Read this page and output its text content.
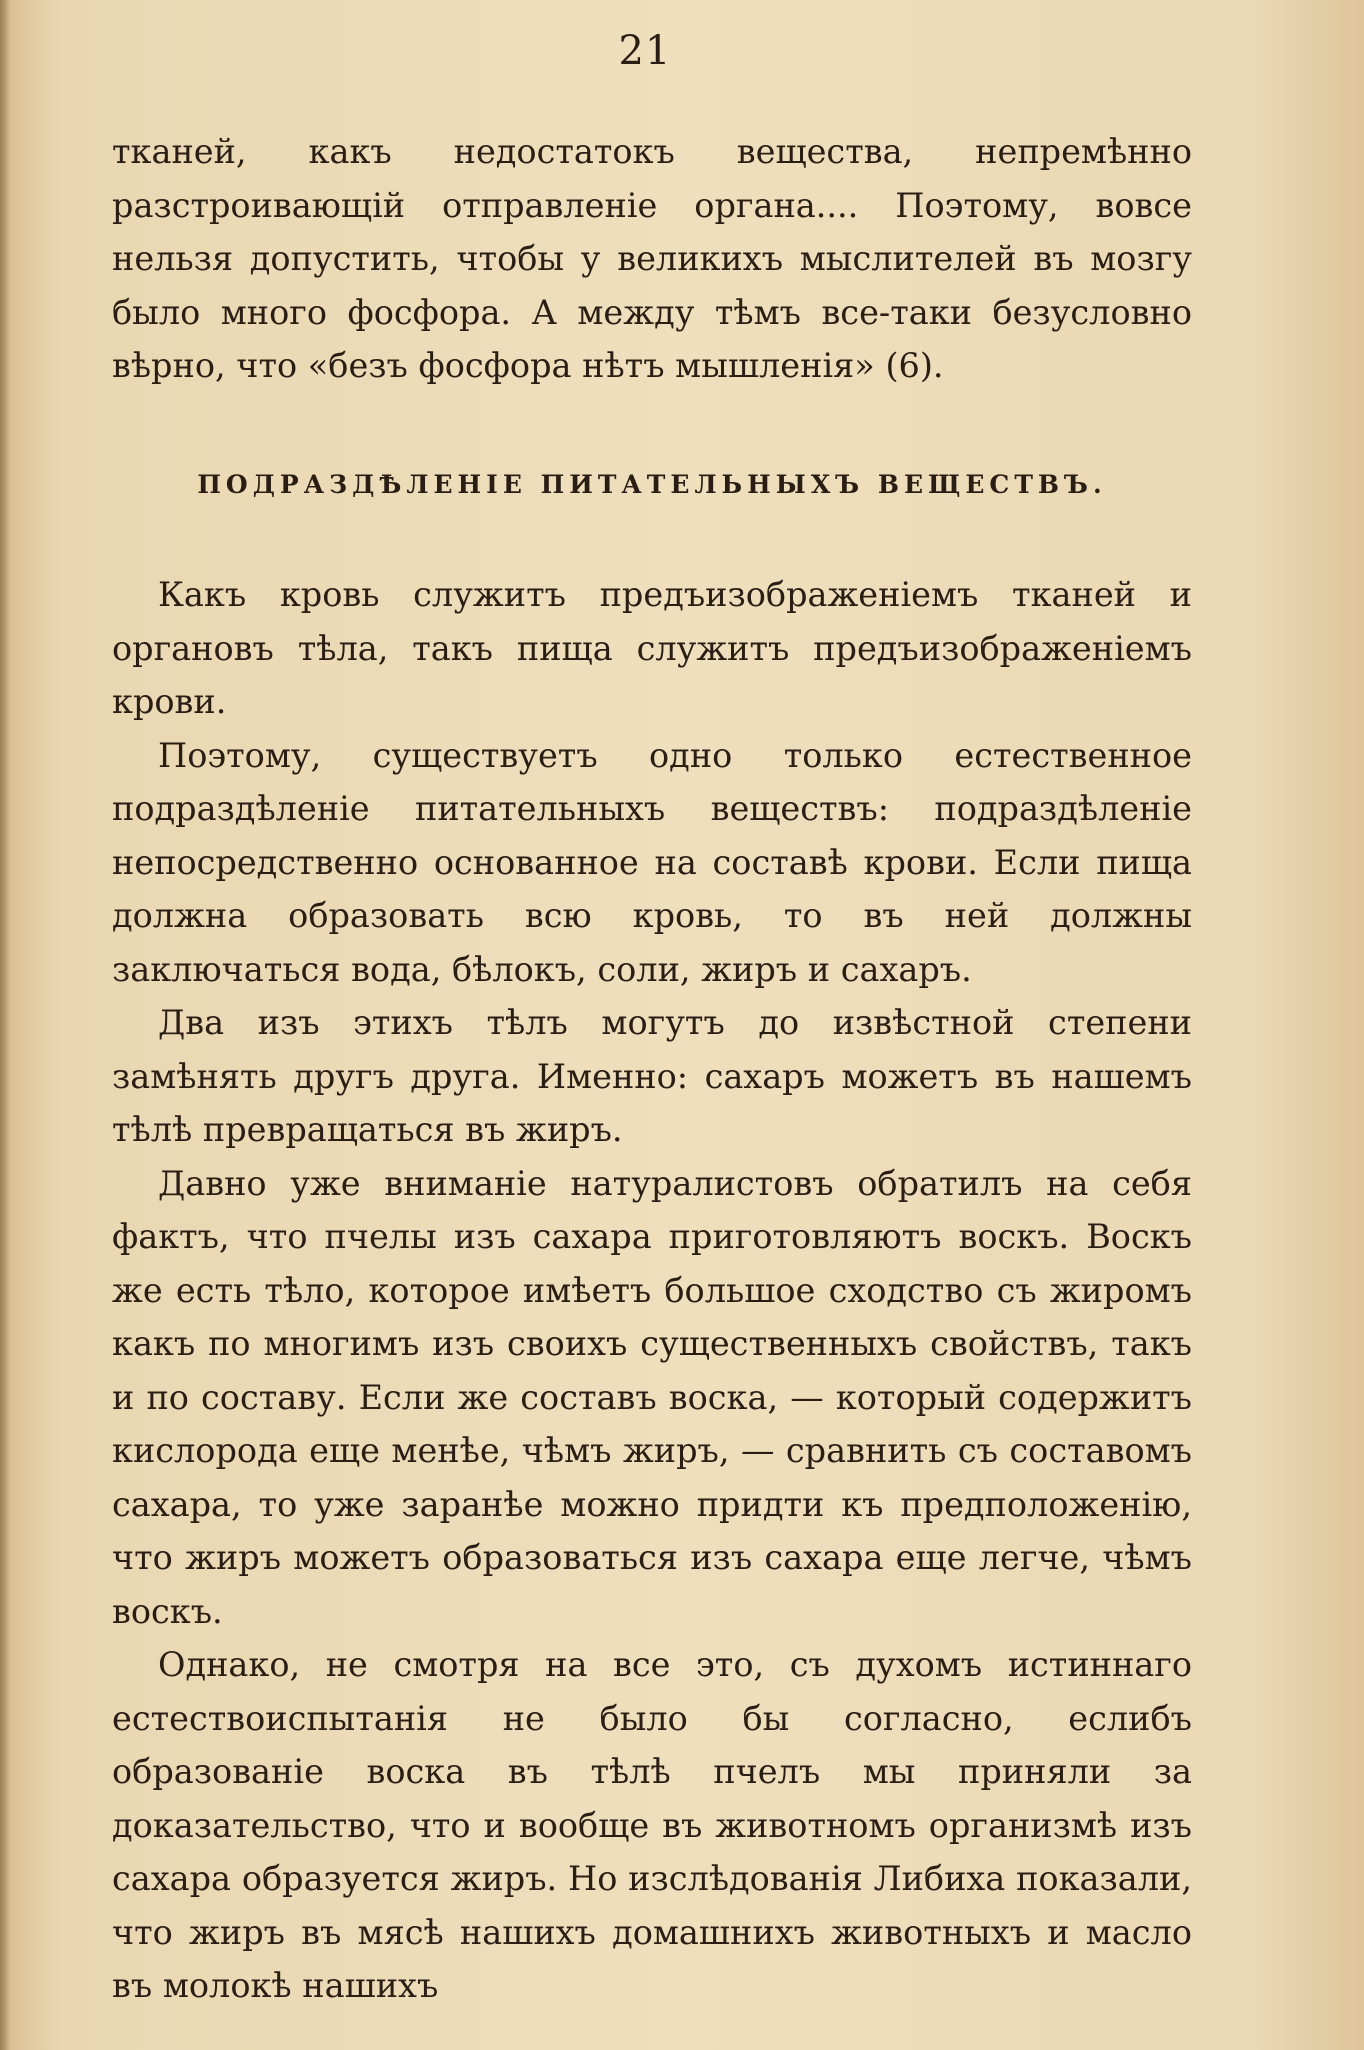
21

тканей, какъ недостатокъ вещества, непремѣнно разстроивающій отправленіе органа.... Поэтому, вовсе нельзя допустить, чтобы у великихъ мыслителей въ мозгу было много фосфора. А между тѣмъ все-таки безусловно вѣрно, что «безъ фосфора нѣтъ мышленія» (6).

ПОДРАЗДѢЛЕНІЕ ПИТАТЕЛЬНЫХЪ ВЕЩЕСТВЪ.

Какъ кровь служитъ предъизображеніемъ тканей и органовъ тѣла, такъ пища служитъ предъизображеніемъ крови.

Поэтому, существуетъ одно только естественное подраздѣленіе питательныхъ веществъ: подраздѣленіе непосредственно основанное на составѣ крови. Если пища должна образовать всю кровь, то въ ней должны заключаться вода, бѣлокъ, соли, жиръ и сахаръ.

Два изъ этихъ тѣлъ могутъ до извѣстной степени замѣнять другъ друга. Именно: сахаръ можетъ въ нашемъ тѣлѣ превращаться въ жиръ.

Давно уже вниманіе натуралистовъ обратилъ на себя фактъ, что пчелы изъ сахара приготовляютъ воскъ. Воскъ же есть тѣло, которое имѣетъ большое сходство съ жиромъ какъ по многимъ изъ своихъ существенныхъ свойствъ, такъ и по составу. Если же составъ воска, — который содержитъ кислорода еще менѣе, чѣмъ жиръ, — сравнить съ составомъ сахара, то уже заранѣе можно придти къ предположенію, что жиръ можетъ образоваться изъ сахара еще легче, чѣмъ воскъ.

Однако, не смотря на все это, съ духомъ истиннаго естествоиспытанія не было бы согласно, еслибъ образованіе воска въ тѣлѣ пчелъ мы приняли за доказательство, что и вообще въ животномъ организмѣ изъ сахара образуется жиръ. Но изслѣдованія Либиха показали, что жиръ въ мясѣ нашихъ домашнихъ животныхъ и масло въ молокѣ нашихъ
